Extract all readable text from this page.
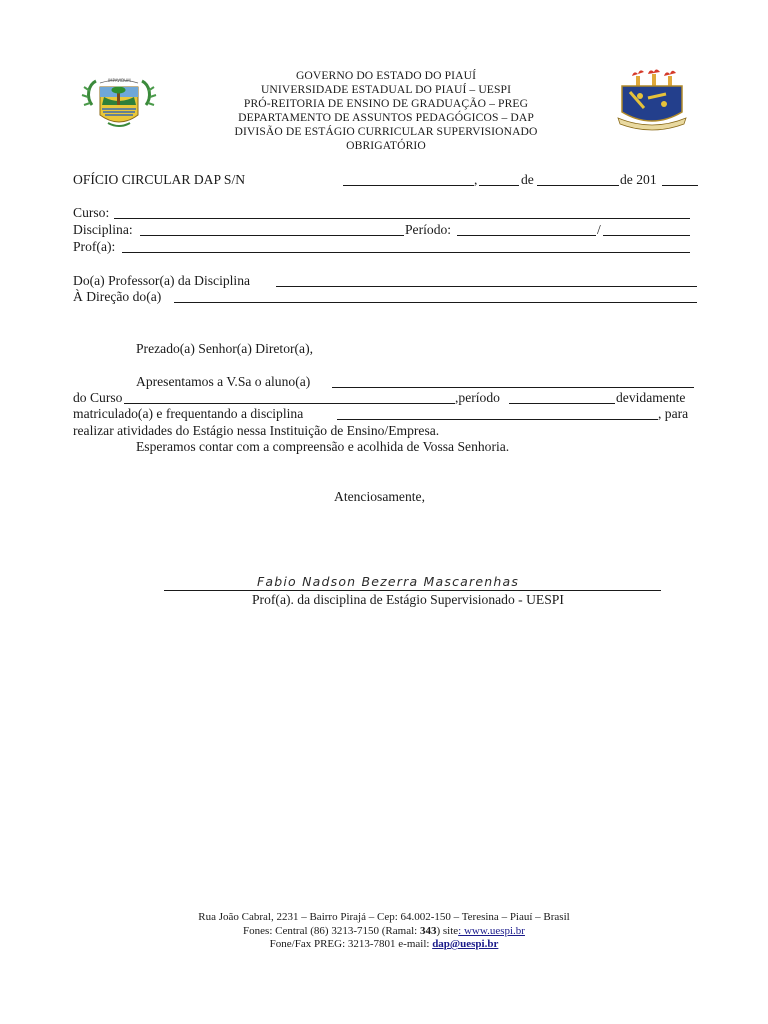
IMPAVIDUM	GOVERNO DO ESTADO DO PIAUÍ
UNIVERSIDADE ESTADUAL DO PIAUÍ – UESPI
PRÓ-REITORIA DE ENSINO DE GRADUAÇÃO – PREG
DEPARTAMENTO DE ASSUNTOS PEDAGÓGICOS – DAP
DIVISÃO DE ESTÁGIO CURRICULAR SUPERVISIONADO
OBRIGATÓRIO
OFÍCIO CIRCULAR DAP S/N	,	de	de 201
Curso:
Disciplina:	Período:	/
Prof(a):
Do(a) Professor(a) da Disciplina
À Direção do(a)
Prezado(a) Senhor(a) Diretor(a),
Apresentamos a V.Sa o aluno(a)
do Curso	,período	devidamente
matriculado(a) e frequentando a disciplina	, para
realizar atividades do Estágio nessa Instituição de Ensino/Empresa.
Esperamos contar com a compreensão e acolhida de Vossa Senhoria.
Atenciosamente,
Fabio Nadson Bezerra Mascarenhas
Prof(a). da disciplina de Estágio Supervisionado - UESPI
Rua João Cabral, 2231 – Bairro Pirajá – Cep: 64.002-150 – Teresina – Piauí – Brasil
Fones: Central (86) 3213-7150 (Ramal: 343) site: www.uespi.br
Fone/Fax PREG: 3213-7801 e-mail: dap@uespi.br
